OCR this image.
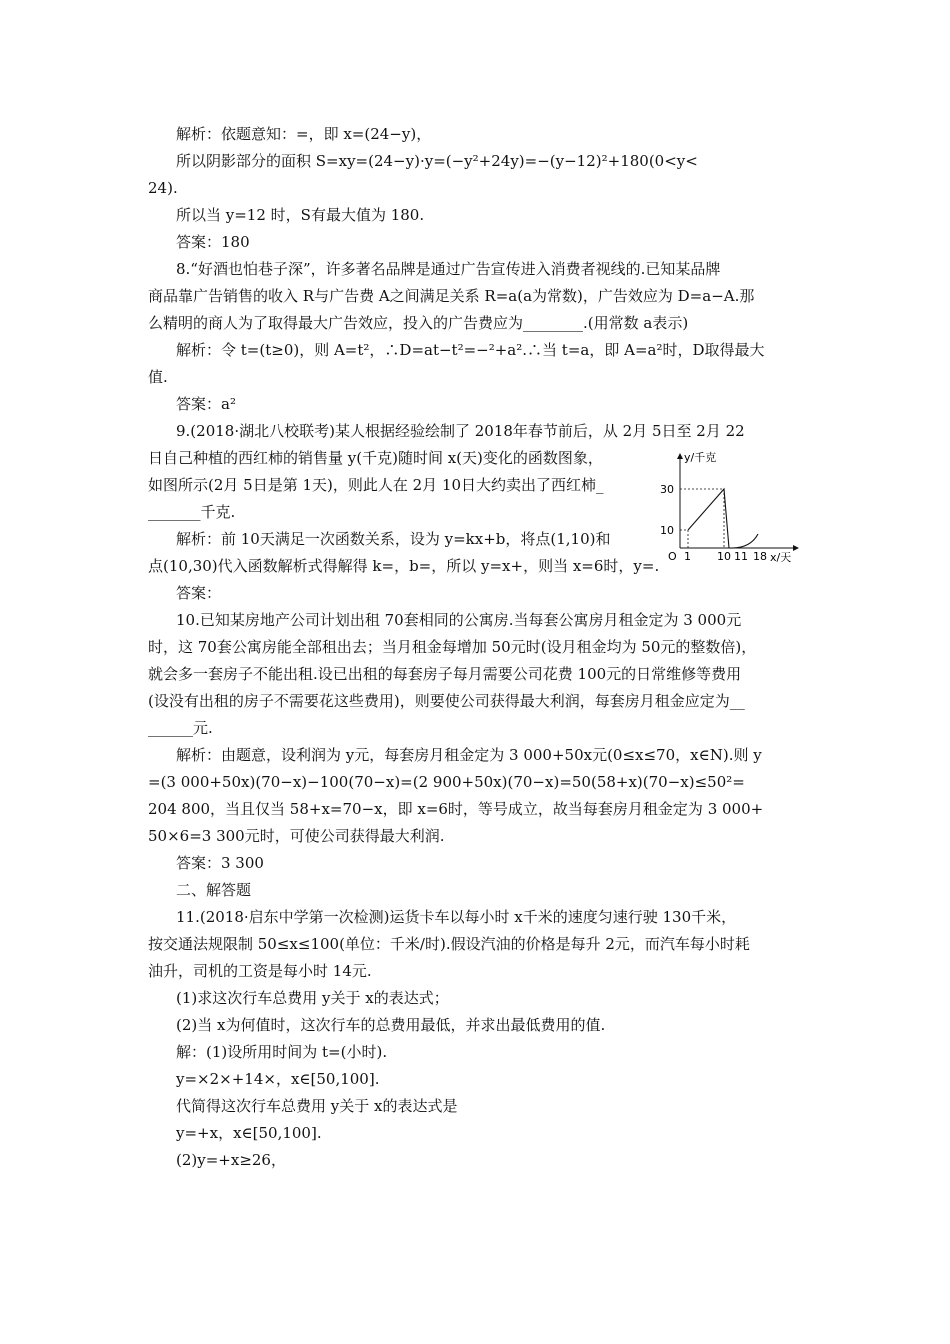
解析：依题意知：=，即 x=(24−y)，
所以阴影部分的面积 S=xy=(24−y)·y=(−y²+24y)=−(y−12)²+180(0<y<
24).
所以当 y=12 时，S有最大值为 180.
答案：180
8.“好酒也怕巷子深”，许多著名品牌是通过广告宣传进入消费者视线的.已知某品牌
商品靠广告销售的收入 R与广告费 A之间满足关系 R=a(a为常数)，广告效应为 D=a−A.那
么精明的商人为了取得最大广告效应，投入的广告费应为________.(用常数 a表示)
解析：令 t=(t≥0)，则 A=t²，∴D=at−t²=−²+a².∴当 t=a，即 A=a²时，D取得最大
值.
答案：a²
9.(2018·湖北八校联考)某人根据经验绘制了 2018年春节前后，从 2月 5日至 2月 22
日自己种植的西红柿的销售量 y(千克)随时间 x(天)变化的函数图象，
如图所示(2月 5日是第 1天)，则此人在 2月 10日大约卖出了西红柿_
_______千克.
解析：前 10天满足一次函数关系，设为 y=kx+b，将点(1,10)和
点(10,30)代入函数解析式得解得 k=，b=，所以 y=x+，则当 x=6时，y=.
答案：
10.已知某房地产公司计划出租 70套相同的公寓房.当每套公寓房月租金定为 3 000元
时，这 70套公寓房能全部租出去；当月租金每增加 50元时(设月租金均为 50元的整数倍)，
就会多一套房子不能出租.设已出租的每套房子每月需要公司花费 100元的日常维修等费用
(设没有出租的房子不需要花这些费用)，则要使公司获得最大利润，每套房月租金应定为__
______元.
解析：由题意，设利润为 y元，每套房月租金定为 3 000+50x元(0≤x≤70，x∈N).则 y
=(3 000+50x)(70−x)−100(70−x)=(2 900+50x)(70−x)=50(58+x)(70−x)≤50²=
204 800，当且仅当 58+x=70−x，即 x=6时，等号成立，故当每套房月租金定为 3 000+
50×6=3 300元时，可使公司获得最大利润.
答案：3 300
二、解答题
11.(2018·启东中学第一次检测)运货卡车以每小时 x千米的速度匀速行驶 130千米，
按交通法规限制 50≤x≤100(单位：千米/时).假设汽油的价格是每升 2元，而汽车每小时耗
油升，司机的工资是每小时 14元.
(1)求这次行车总费用 y关于 x的表达式；
(2)当 x为何值时，这次行车的总费用最低，并求出最低费用的值.
解：(1)设所用时间为 t=(小时).
y=×2×+14×，x∈[50,100].
代简得这次行车总费用 y关于 x的表达式是
y=+x，x∈[50,100].
(2)y=+x≥26，
y/千克
x/天
O
10
30
1 10 11 18
